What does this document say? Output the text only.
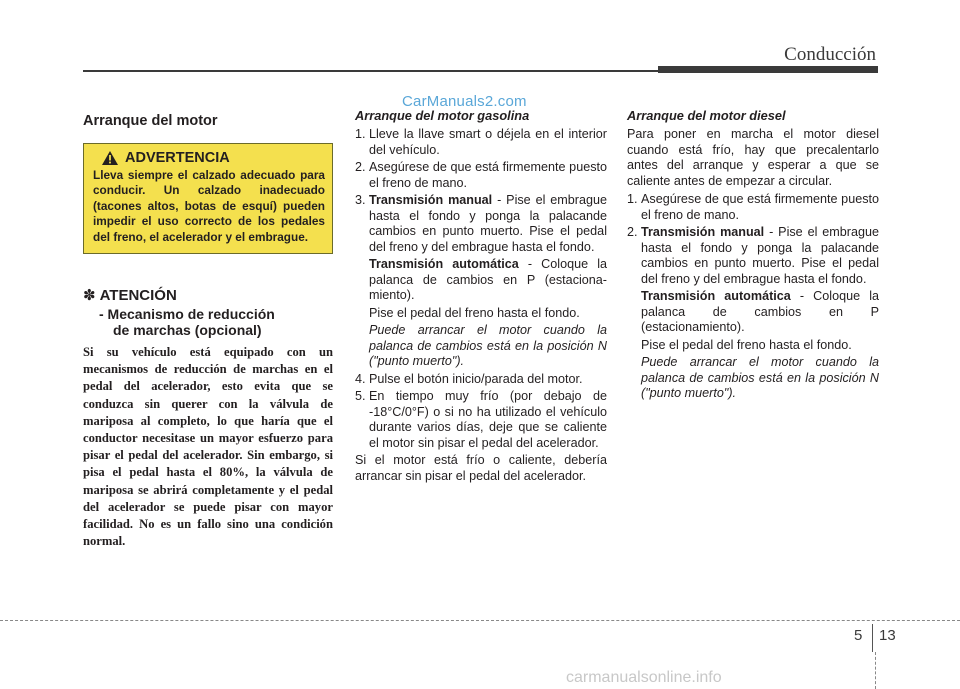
Conducción
CarManuals2.com
Arranque del motor
ADVERTENCIA
Lleva siempre el calzado adecuado para conducir. Un calzado inadecuado (tacones altos, botas de esquí) pueden impedir el uso correcto de los pedales del freno, el acelerador y el embrague.
✽ ATENCIÓN
- Mecanismo de reducción
de marchas (opcional)
Si su vehículo está equipado con un mecanismos de reducción de marchas en el pedal del acelerador, esto evita que se conduzca sin querer con la válvula de mariposa al completo, lo que haría que el conductor necesitase un mayor esfuerzo para pisar el pedal del acelerador. Sin embargo, si pisa el pedal hasta el 80%, la válvula de mariposa se abrirá completamente y el pedal del acelerador se puede pisar con mayor facilidad. No es un fallo sino una condición normal.
Arranque del motor gasolina
1. Lleve la llave smart o déjela en el interior del vehículo.
2. Asegúrese de que está firmemente puesto el freno de mano.
3. Transmisión manual - Pise el embrague hasta el fondo y ponga la palacande cambios en punto muerto. Pise el pedal del freno y del embrague hasta el fondo.
Transmisión automática - Coloque la palanca de cambios en P (estaciona-miento).
Pise el pedal del freno hasta el fondo.
Puede arrancar el motor cuando la palanca de cambios está en la posición N ("punto muerto").
4. Pulse el botón inicio/parada del motor.
5. En tiempo muy frío (por debajo de -18°C/0°F) o si no ha utilizado el vehículo durante varios días, deje que se caliente el motor sin pisar el pedal del acelerador.
Si el motor está frío o caliente, debería arrancar sin pisar el pedal del acelerador.
Arranque del motor diesel
Para poner en marcha el motor diesel cuando está frío, hay que precalentarlo antes del arranque y esperar a que se caliente antes de empezar a circular.
1. Asegúrese de que está firmemente puesto el freno de mano.
2. Transmisión manual - Pise el embrague hasta el fondo y ponga la palacande cambios en punto muerto. Pise el pedal del freno y del embrague hasta el fondo.
Transmisión automática - Coloque la palanca de cambios en P (estacionamiento).
Pise el pedal del freno hasta el fondo.
Puede arrancar el motor cuando la palanca de cambios está en la posición N ("punto muerto").
5 13
carmanualsonline.info
